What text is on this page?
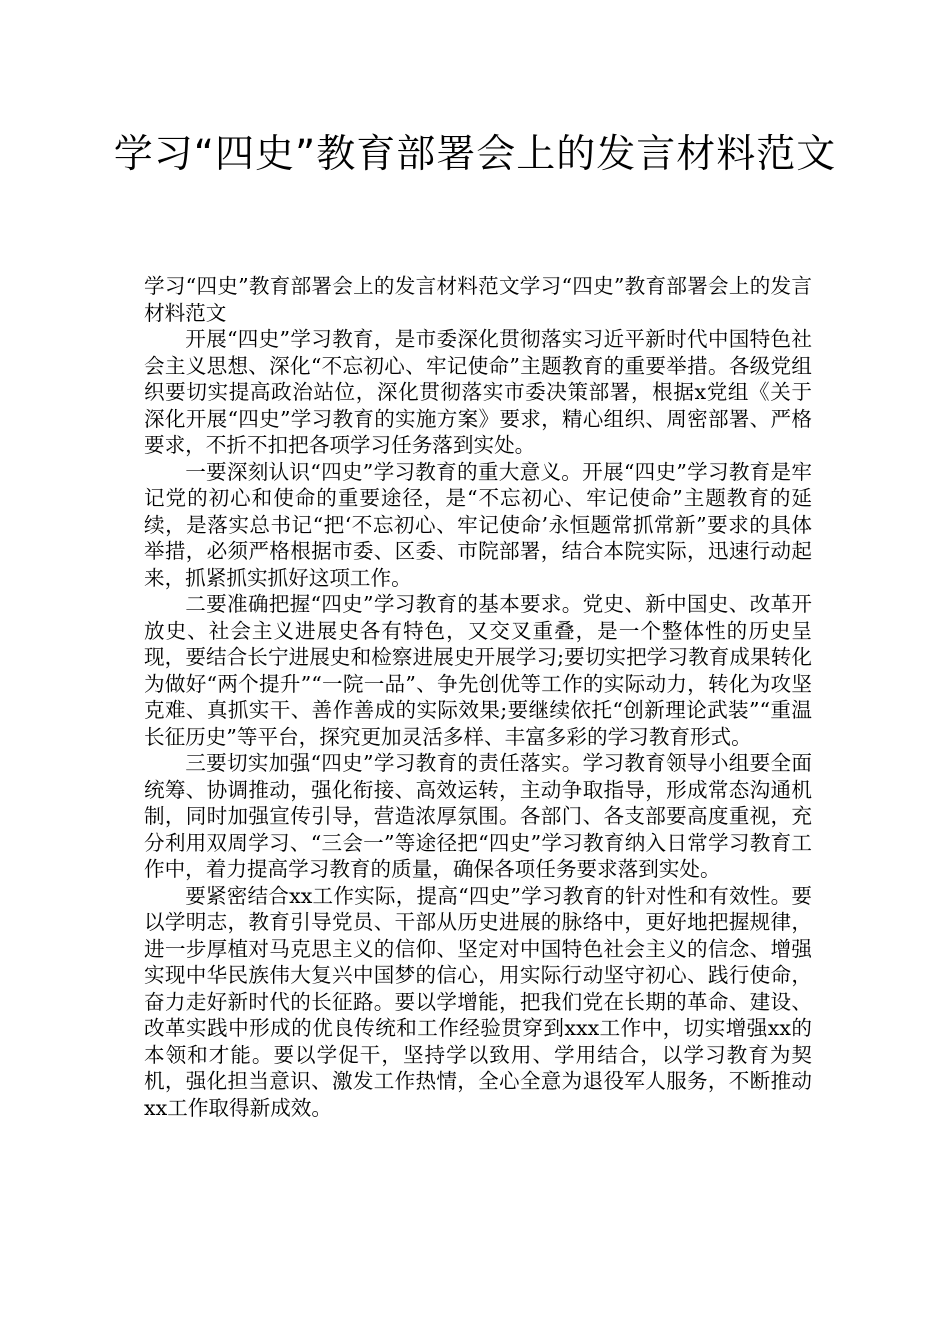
学习“四史”教育部署会上的发言材料范文

学习“四史”教育部署会上的发言材料范文学习“四史”教育部署会上的发言材料范文

开展“四史”学习教育，是市委深化贯彻落实习近平新时代中国特色社会主义思想、深化“不忘初心、牢记使命”主题教育的重要举措。各级党组织要切实提高政治站位，深化贯彻落实市委决策部署，根据x党组《关于深化开展“四史”学习教育的实施方案》要求，精心组织、周密部署、严格要求，不折不扣把各项学习任务落到实处。

一要深刻认识“四史”学习教育的重大意义。开展“四史”学习教育是牢记党的初心和使命的重要途径，是“不忘初心、牢记使命”主题教育的延续，是落实总书记“把‘不忘初心、牢记使命’永恒题常抓常新”要求的具体举措，必须严格根据市委、区委、市院部署，结合本院实际，迅速行动起来，抓紧抓实抓好这项工作。

二要准确把握“四史”学习教育的基本要求。党史、新中国史、改革开放史、社会主义进展史各有特色，又交叉重叠，是一个整体性的历史呈现，要结合长宁进展史和检察进展史开展学习;要切实把学习教育成果转化为做好“两个提升”“一院一品”、争先创优等工作的实际动力，转化为攻坚克难、真抓实干、善作善成的实际效果;要继续依托“创新理论武装”“重温长征历史”等平台，探究更加灵活多样、丰富多彩的学习教育形式。

三要切实加强“四史”学习教育的责任落实。学习教育领导小组要全面统筹、协调推动，强化衔接、高效运转，主动争取指导，形成常态沟通机制，同时加强宣传引导，营造浓厚氛围。各部门、各支部要高度重视，充分利用双周学习、“三会一”等途径把“四史”学习教育纳入日常学习教育工作中，着力提高学习教育的质量，确保各项任务要求落到实处。

要紧密结合xx工作实际，提高“四史”学习教育的针对性和有效性。要以学明志，教育引导党员、干部从历史进展的脉络中，更好地把握规律，进一步厚植对马克思主义的信仰、坚定对中国特色社会主义的信念、增强实现中华民族伟大复兴中国梦的信心，用实际行动坚守初心、践行使命，奋力走好新时代的长征路。要以学增能，把我们党在长期的革命、建设、改革实践中形成的优良传统和工作经验贯穿到xxx工作中，切实增强xx的本领和才能。要以学促干，坚持学以致用、学用结合，以学习教育为契机，强化担当意识、激发工作热情，全心全意为退役军人服务，不断推动xx工作取得新成效。
